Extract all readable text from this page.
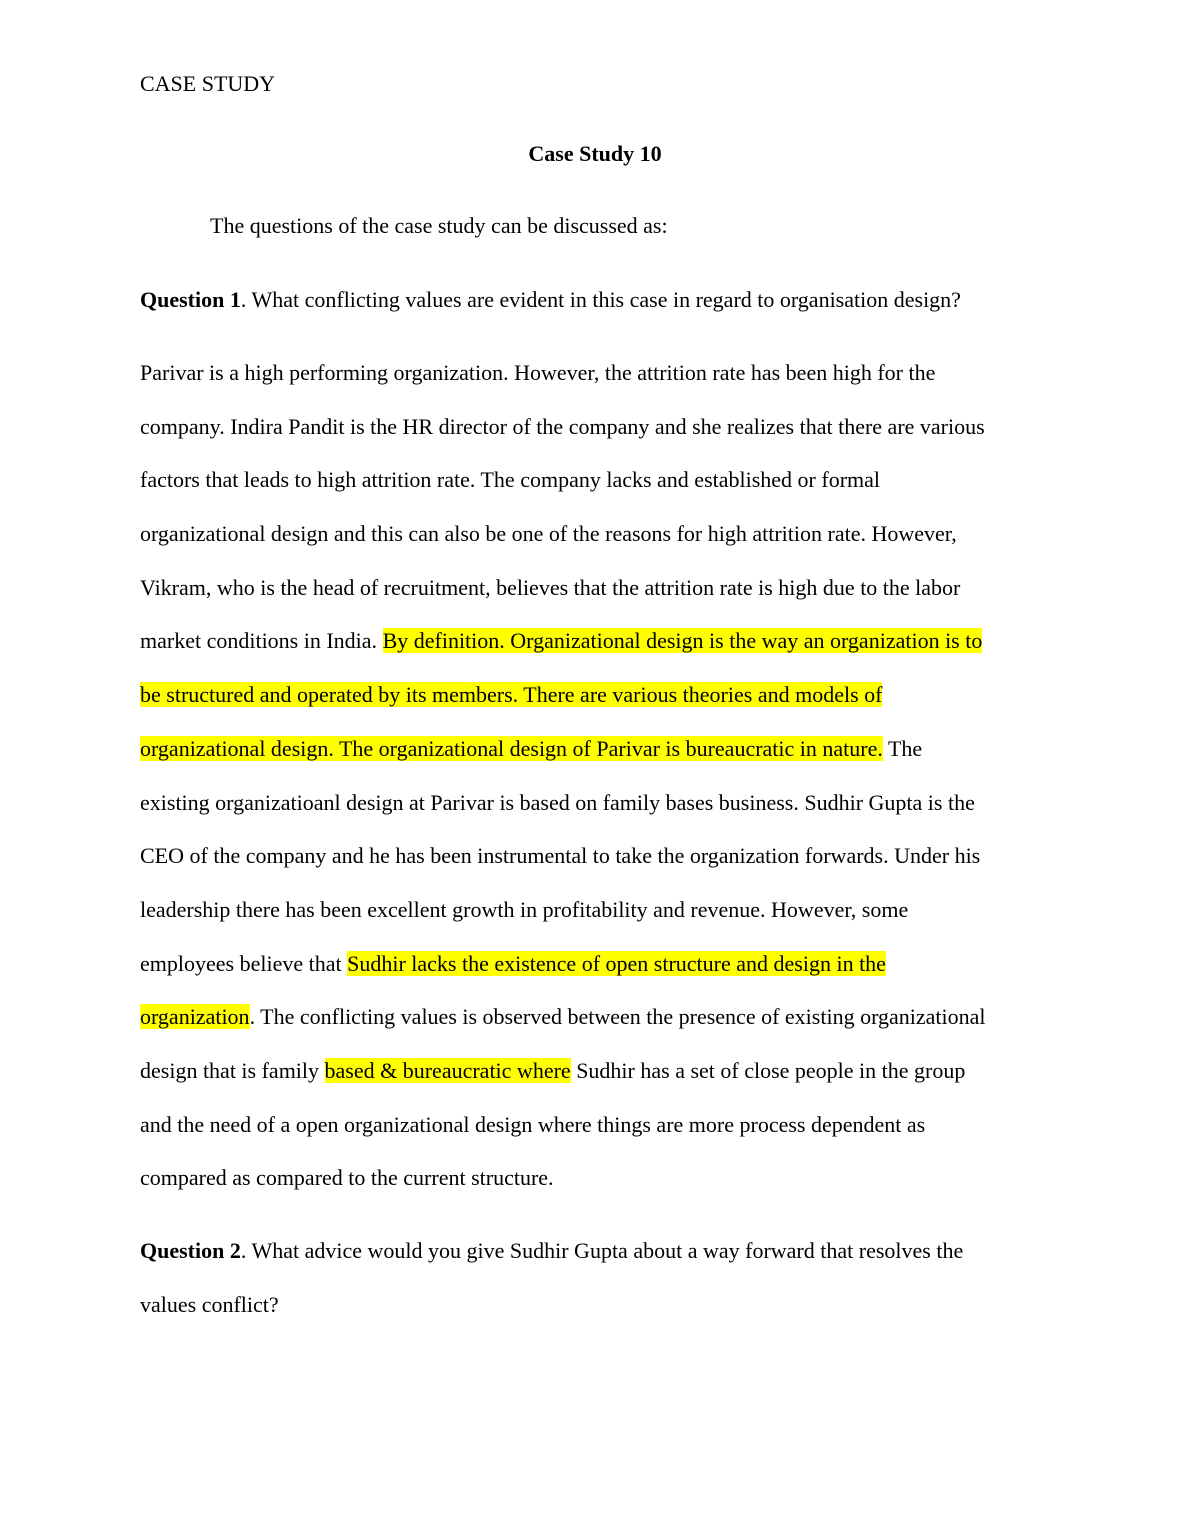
CASE STUDY
Case Study 10
The questions of the case study can be discussed as:
Question 1. What conflicting values are evident in this case in regard to organisation design?
Parivar is a high performing organization. However, the attrition rate has been high for the
company. Indira Pandit is the HR director of the company and she realizes that there are various
factors that leads to high attrition rate. The company lacks and established or formal
organizational design and this can also be one of the reasons for high attrition rate. However,
Vikram, who is the head of recruitment, believes that the attrition rate is high due to the labor
market conditions in India. By definition. Organizational design is the way an organization is to
be structured and operated by its members. There are various theories and models of
organizational design. The organizational design of Parivar is bureaucratic in nature. The
existing organizatioanl design at Parivar is based on family bases business. Sudhir Gupta is the
CEO of the company and he has been instrumental to take the organization forwards. Under his
leadership there has been excellent growth in profitability and revenue. However, some
employees believe that Sudhir lacks the existence of open structure and design in the
organization. The conflicting values is observed between the presence of existing organizational
design that is family based & bureaucratic where Sudhir has a set of close people in the group
and the need of a open organizational design where things are more process dependent as
compared as compared to the current structure.
Question 2. What advice would you give Sudhir Gupta about a way forward that resolves the
values conflict?
